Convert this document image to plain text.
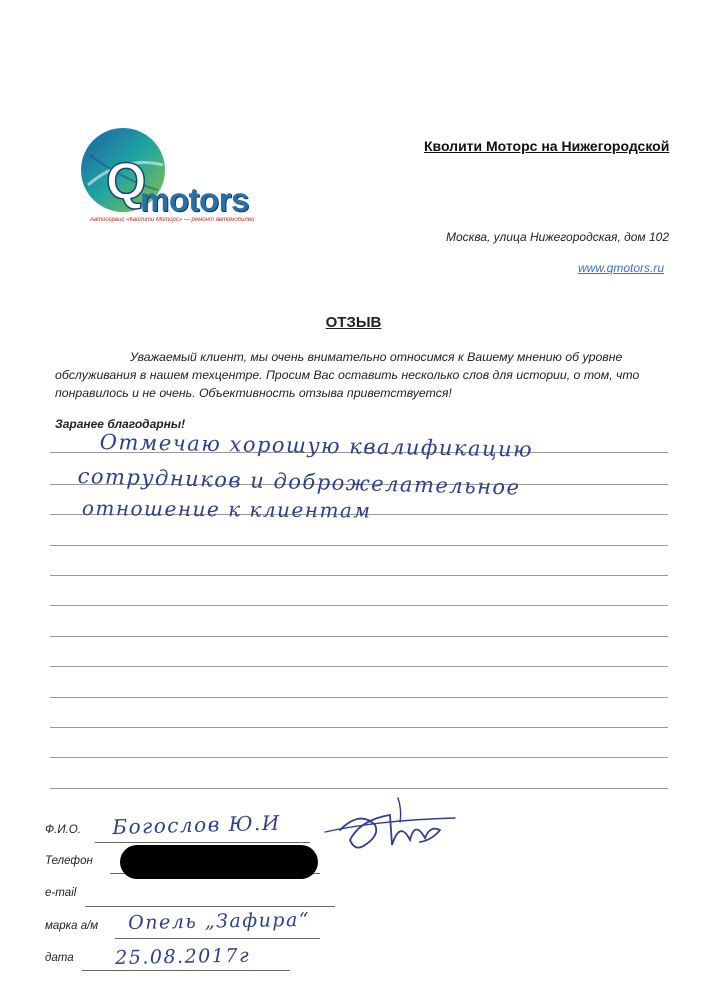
Q
motors
Автосервис «Кволити Моторс» — ремонт автомобилей
Кволити Моторс на Нижегородской
Москва, улица Нижегородская, дом 102
www.qmotors.ru
ОТЗЫВ
Уважаемый клиент, мы очень внимательно относимся к Вашему мнению об уровне обслуживания в нашем техцентре. Просим Вас оставить несколько слов для истории, о том, что понравилось и не очень. Объективность отзыва приветствуется!
Заранее благодарны!
Отмечаю хорошую квалификацию
сотрудников и доброжелательное
отношение к клиентам
Ф.И.О. Богослов Ю.И
Телефон
e-mail
марка а/м Опель „Зафира“
дата 25.08.2017г
